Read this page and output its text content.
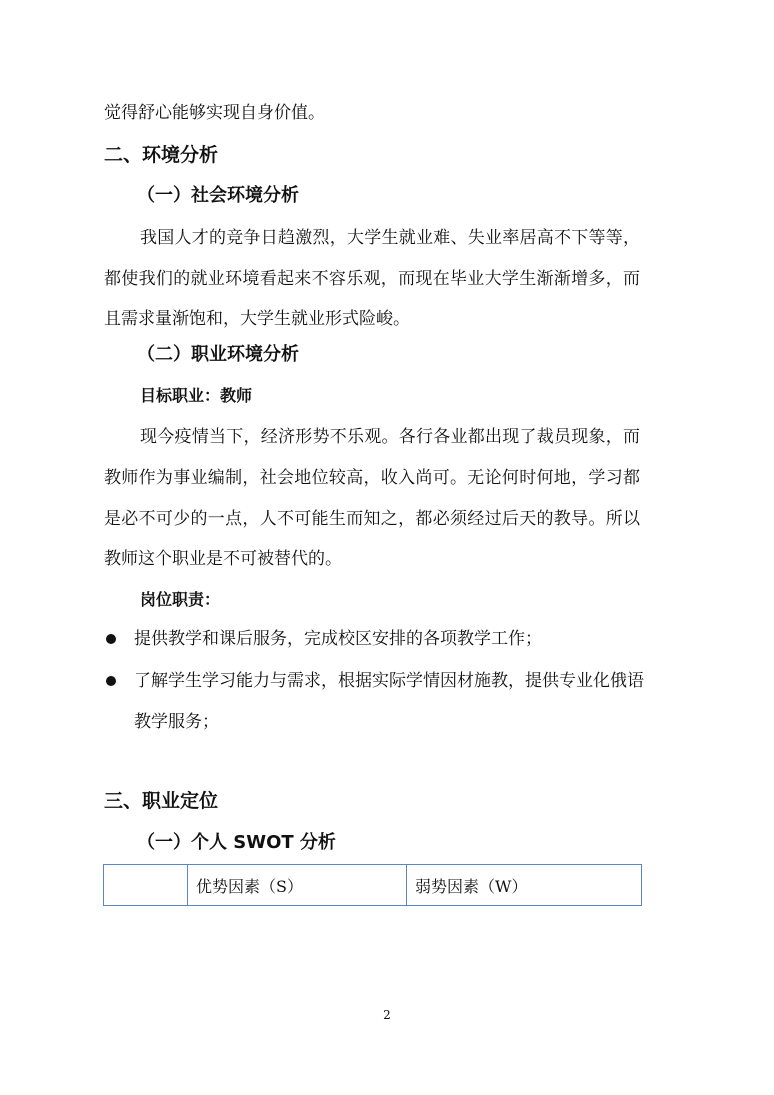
觉得舒心能够实现自身价值。
二、环境分析
（一）社会环境分析
我国人才的竞争日趋激烈，大学生就业难、失业率居高不下等等，
都使我们的就业环境看起来不容乐观，而现在毕业大学生渐渐增多，而
且需求量渐饱和，大学生就业形式险峻。
（二）职业环境分析
目标职业：教师
现今疫情当下，经济形势不乐观。各行各业都出现了裁员现象，而
教师作为事业编制，社会地位较高，收入尚可。无论何时何地，学习都
是必不可少的一点，人不可能生而知之，都必须经过后天的教导。所以
教师这个职业是不可被替代的。
岗位职责：
提供教学和课后服务，完成校区安排的各项教学工作；
了解学生学习能力与需求，根据实际学情因材施教，提供专业化俄语
教学服务；
三、职业定位
（一）个人 SWOT 分析
	优势因素（S）	弱势因素（W）
2
